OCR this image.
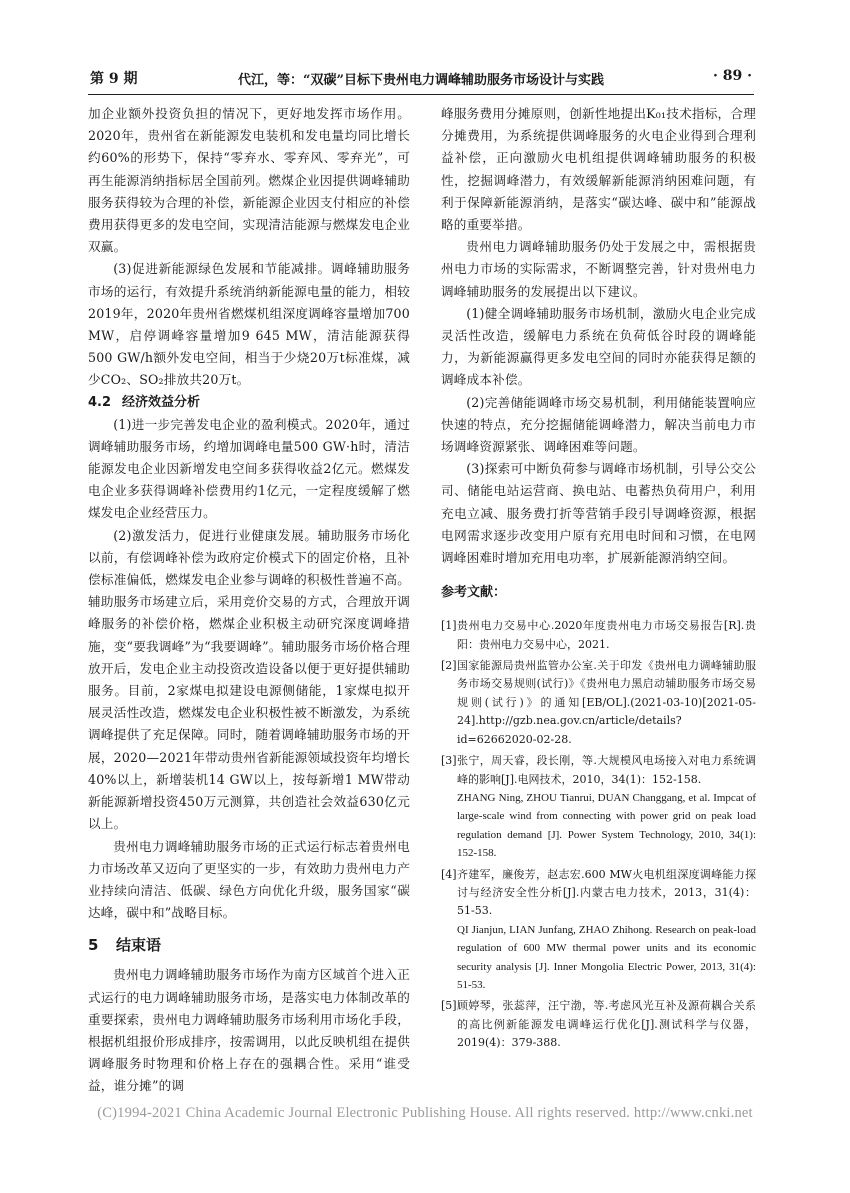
第 9 期	代江，等：“双碳”目标下贵州电力调峰辅助服务市场设计与实践	· 89 ·

加企业额外投资负担的情况下，更好地发挥市场作用。2020年，贵州省在新能源发电装机和发电量均同比增长约60%的形势下，保持“零弃水、零弃风、零弃光”，可再生能源消纳指标居全国前列。燃煤企业因提供调峰辅助服务获得较为合理的补偿，新能源企业因支付相应的补偿费用获得更多的发电空间，实现清洁能源与燃煤发电企业双赢。

(3)促进新能源绿色发展和节能减排。调峰辅助服务市场的运行，有效提升系统消纳新能源电量的能力，相较2019年，2020年贵州省燃煤机组深度调峰容量增加700 MW，启停调峰容量增加9 645 MW，清洁能源获得500 GW/h额外发电空间，相当于少烧20万t标准煤，减少CO₂、SO₂排放共20万t。

4.2 经济效益分析

(1)进一步完善发电企业的盈利模式。2020年，通过调峰辅助服务市场，约增加调峰电量500 GW·h时，清洁能源发电企业因新增发电空间多获得收益2亿元。燃煤发电企业多获得调峰补偿费用约1亿元，一定程度缓解了燃煤发电企业经营压力。

(2)激发活力，促进行业健康发展。辅助服务市场化以前，有偿调峰补偿为政府定价模式下的固定价格，且补偿标准偏低，燃煤发电企业参与调峰的积极性普遍不高。辅助服务市场建立后，采用竞价交易的方式，合理放开调峰服务的补偿价格，燃煤企业积极主动研究深度调峰措施，变“要我调峰”为“我要调峰”。辅助服务市场价格合理放开后，发电企业主动投资改造设备以便于更好提供辅助服务。目前，2家煤电拟建设电源侧储能，1家煤电拟开展灵活性改造，燃煤发电企业积极性被不断激发，为系统调峰提供了充足保障。同时，随着调峰辅助服务市场的开展，2020—2021年带动贵州省新能源领域投资年均增长40%以上，新增装机14 GW以上，按每新增1 MW带动新能源新增投资450万元测算，共创造社会效益630亿元以上。

贵州电力调峰辅助服务市场的正式运行标志着贵州电力市场改革又迈向了更坚实的一步，有效助力贵州电力产业持续向清洁、低碳、绿色方向优化升级，服务国家“碳达峰，碳中和”战略目标。

5 结束语

贵州电力调峰辅助服务市场作为南方区域首个进入正式运行的电力调峰辅助服务市场，是落实电力体制改革的重要探索，贵州电力调峰辅助服务市场利用市场化手段，根据机组报价形成排序，按需调用，以此反映机组在提供调峰服务时物理和价格上存在的强耦合性。采用“谁受益，谁分摊”的调

峰服务费用分摊原则，创新性地提出K₀₁技术指标，合理分摊费用，为系统提供调峰服务的火电企业得到合理利益补偿，正向激励火电机组提供调峰辅助服务的积极性，挖掘调峰潜力，有效缓解新能源消纳困难问题，有利于保障新能源消纳，是落实“碳达峰、碳中和”能源战略的重要举措。

贵州电力调峰辅助服务仍处于发展之中，需根据贵州电力市场的实际需求，不断调整完善，针对贵州电力调峰辅助服务的发展提出以下建议。

(1)健全调峰辅助服务市场机制，激励火电企业完成灵活性改造，缓解电力系统在负荷低谷时段的调峰能力，为新能源赢得更多发电空间的同时亦能获得足额的调峰成本补偿。

(2)完善储能调峰市场交易机制，利用储能装置响应快速的特点，充分挖掘储能调峰潜力，解决当前电力市场调峰资源紧张、调峰困难等问题。

(3)探索可中断负荷参与调峰市场机制，引导公交公司、储能电站运营商、换电站、电蓄热负荷用户，利用充电立减、服务费打折等营销手段引导调峰资源，根据电网需求逐步改变用户原有充用电时间和习惯，在电网调峰困难时增加充用电功率，扩展新能源消纳空间。

参考文献：
[1] 贵州电力交易中心.2020年度贵州电力市场交易报告[R].贵阳：贵州电力交易中心，2021.
[2] 国家能源局贵州监管办公室.关于印发《贵州电力调峰辅助服务市场交易规则(试行)》《贵州电力黑启动辅助服务市场交易规则(试行)》的通知[EB/OL].(2021-03-10)[2021-05-24].http://gzb.nea.gov.cn/article/details? id=62662020-02-28.
[3] 张宁，周天睿，段长刚，等.大规模风电场接入对电力系统调峰的影响[J].电网技术，2010，34(1)：152-158.
ZHANG Ning, ZHOU Tianrui, DUAN Changgang, et al. Impcat of large-scale wind from connecting with power grid on peak load regulation demand [J]. Power System Technology, 2010, 34(1): 152-158.
[4] 齐建军，廉俊芳，赵志宏.600 MW火电机组深度调峰能力探讨与经济安全性分析[J].内蒙古电力技术，2013，31(4)：51-53.
QI Jianjun, LIAN Junfang, ZHAO Zhihong. Research on peak-load regulation of 600 MW thermal power units and its economic security analysis [J]. Inner Mongolia Electric Power, 2013, 31(4): 51-53.
[5] 顾婷琴，张蕊萍，汪宁渤，等.考虑风光互补及源荷耦合关系的高比例新能源发电调峰运行优化[J].测试科学与仪器，2019(4)：379-388.
(C)1994-2021 China Academic Journal Electronic Publishing House. All rights reserved. http://www.cnki.net
